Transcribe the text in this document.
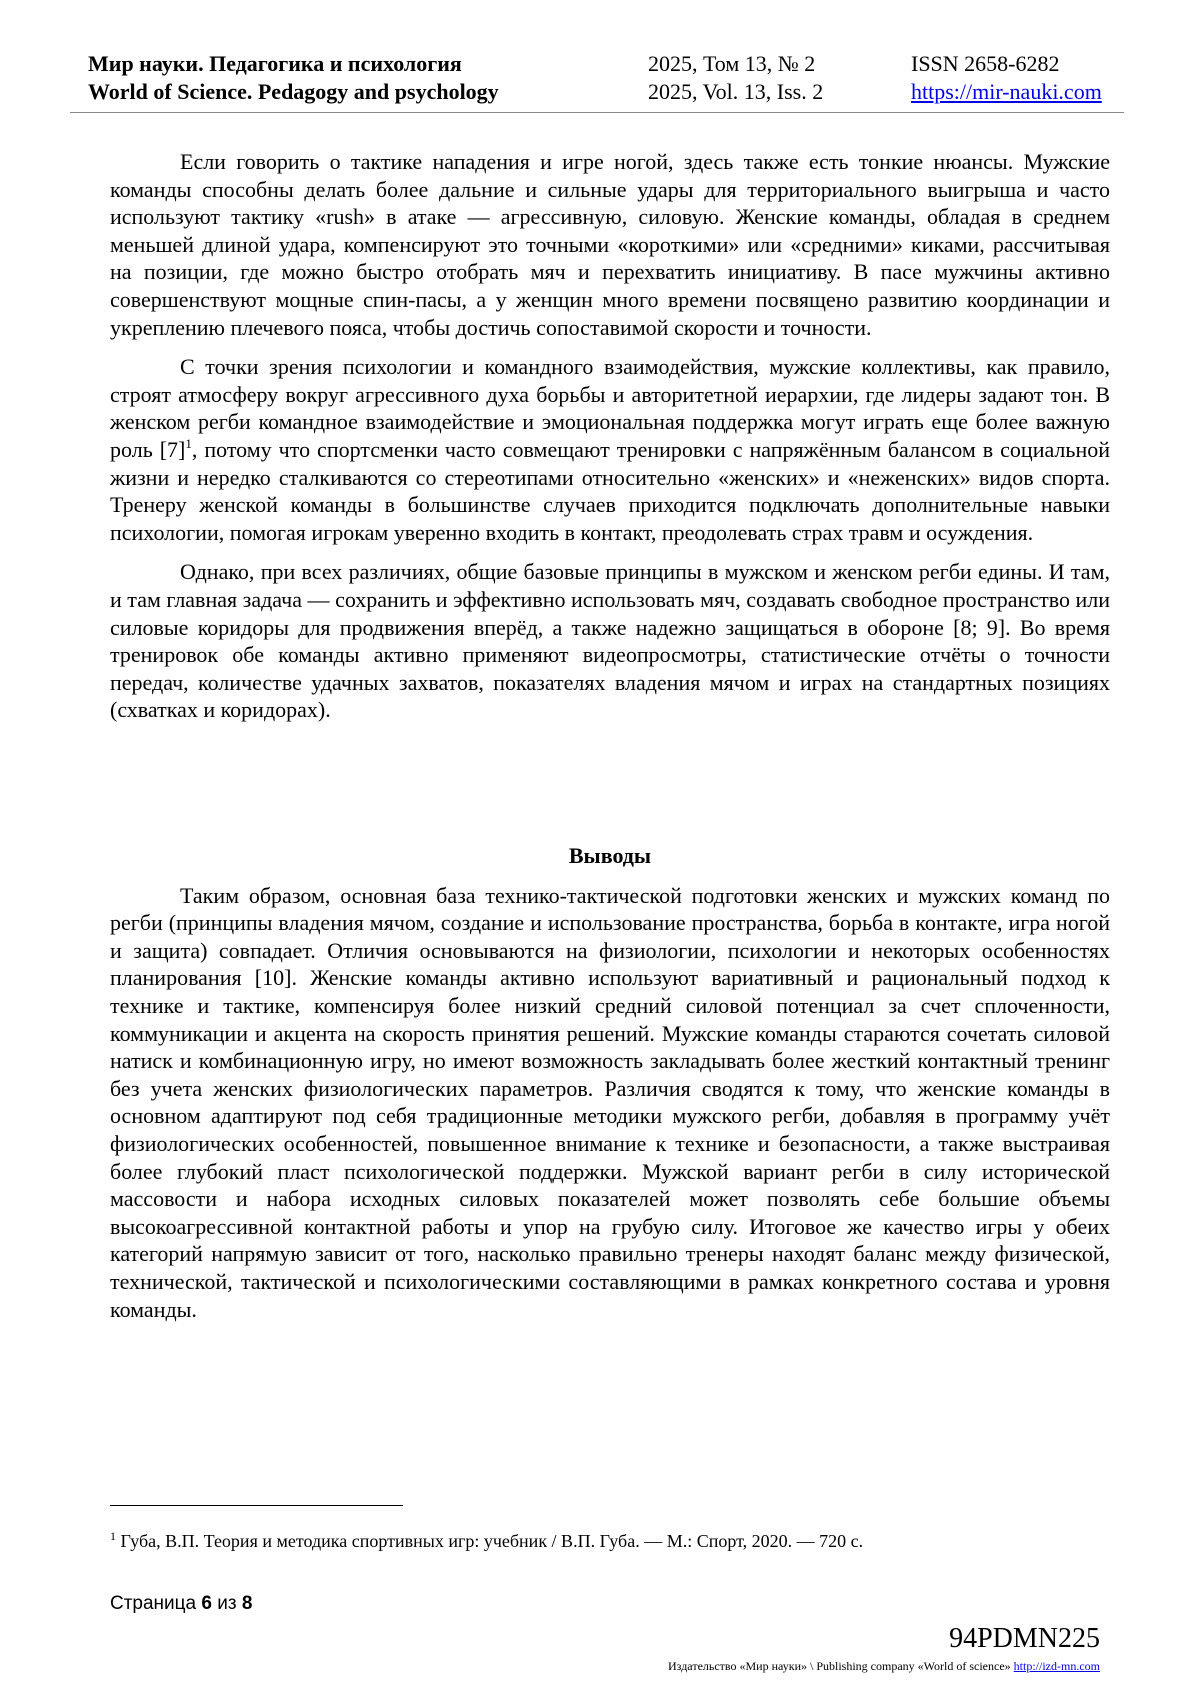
Мир науки. Педагогика и психология
World of Science. Pedagogy and psychology
2025, Том 13, № 2
2025, Vol. 13, Iss. 2
ISSN 2658-6282
https://mir-nauki.com

Если говорить о тактике нападения и игре ногой, здесь также есть тонкие нюансы. Мужские команды способны делать более дальние и сильные удары для территориального выигрыша и часто используют тактику «rush» в атаке — агрессивную, силовую. Женские команды, обладая в среднем меньшей длиной удара, компенсируют это точными «короткими» или «средними» киками, рассчитывая на позиции, где можно быстро отобрать мяч и перехватить инициативу. В пасе мужчины активно совершенствуют мощные спин-пасы, а у женщин много времени посвящено развитию координации и укреплению плечевого пояса, чтобы достичь сопоставимой скорости и точности.

С точки зрения психологии и командного взаимодействия, мужские коллективы, как правило, строят атмосферу вокруг агрессивного духа борьбы и авторитетной иерархии, где лидеры задают тон. В женском регби командное взаимодействие и эмоциональная поддержка могут играть еще более важную роль $[7]^1$, потому что спортсменки часто совмещают тренировки с напряжённым балансом в социальной жизни и нередко сталкиваются со стереотипами относительно «женских» и «неженских» видов спорта. Тренеру женской команды в большинстве случаев приходится подключать дополнительные навыки психологии, помогая игрокам уверенно входить в контакт, преодолевать страх травм и осуждения.

Однако, при всех различиях, общие базовые принципы в мужском и женском регби едины. И там, и там главная задача — сохранить и эффективно использовать мяч, создавать свободное пространство или силовые коридоры для продвижения вперёд, а также надежно защищаться в обороне [8; 9]. Во время тренировок обе команды активно применяют видеопросмотры, статистические отчёты о точности передач, количестве удачных захватов, показателях владения мячом и играх на стандартных позициях (схватках и коридорах).

Выводы

Таким образом, основная база технико-тактической подготовки женских и мужских команд по регби (принципы владения мячом, создание и использование пространства, борьба в контакте, игра ногой и защита) совпадает. Отличия основываются на физиологии, психологии и некоторых особенностях планирования [10]. Женские команды активно используют вариативный и рациональный подход к технике и тактике, компенсируя более низкий средний силовой потенциал за счет сплоченности, коммуникации и акцента на скорость принятия решений. Мужские команды стараются сочетать силовой натиск и комбинационную игру, но имеют возможность закладывать более жесткий контактный тренинг без учета женских физиологических параметров. Различия сводятся к тому, что женские команды в основном адаптируют под себя традиционные методики мужского регби, добавляя в программу учёт физиологических особенностей, повышенное внимание к технике и безопасности, а также выстраивая более глубокий пласт психологической поддержки. Мужской вариант регби в силу исторической массовости и набора исходных силовых показателей может позволять себе большие объемы высокоагрессивной контактной работы и упор на грубую силу. Итоговое же качество игры у обеих категорий напрямую зависит от того, насколько правильно тренеры находят баланс между физической, технической, тактической и психологическими составляющими в рамках конкретного состава и уровня команды.

$^1$ Губа, В.П. Теория и методика спортивных игр: учебник / В.П. Губа. — М.: Спорт, 2020. — 720 с.
Страница 6 из 8
94PDMN225
Издательство «Мир науки» \ Publishing company «World of science» http://izd-mn.com
